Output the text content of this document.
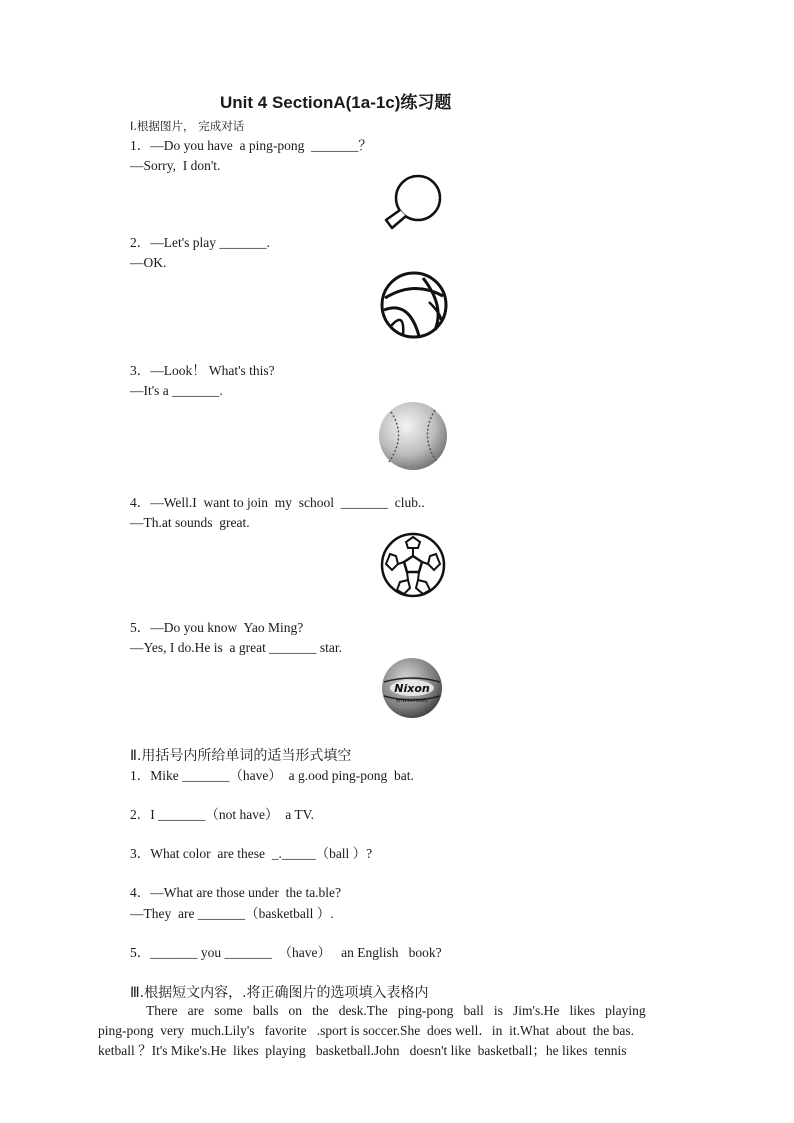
Unit 4 SectionA(1a-1c)练习题
Ⅰ.根据图片， 完成对话
1．—Do you have  a ping-pong  _______？
—Sorry,  I don't.
2．—Let's play _______.
—OK.
3．—Look！ What's this?
—It's a _______.
4．—Well.I  want to join  my  school  _______  club..
—Th.at sounds  great.
5．—Do you know  Yao Ming?
—Yes, I do.He is  a great _______ star.
Nixon
INTERNATIONAL
Ⅱ.用括号内所给单词的适当形式填空
1．Mike _______（have）  a g.ood ping-pong  bat.
2．I _______（not have）  a TV.
3．What color  are these  _._____（ball ）?
4．—What are those under  the ta.ble?
—They  are _______（basketball ）.
5．_______ you _______  （have）   an English   book?
Ⅲ.根据短文内容，.将正确图片的选项填入表格内
There   are   some   balls   on   the   desk.The   ping-pong   ball   is   Jim's.He   likes   playing
ping-pong  very  much.Lily's   favorite   .sport is soccer.She  does well．in  it.What  about  the bas.
ketball ？It's Mike's.He  likes  playing   basketball.John   doesn't like  basketball；he likes  tennis
